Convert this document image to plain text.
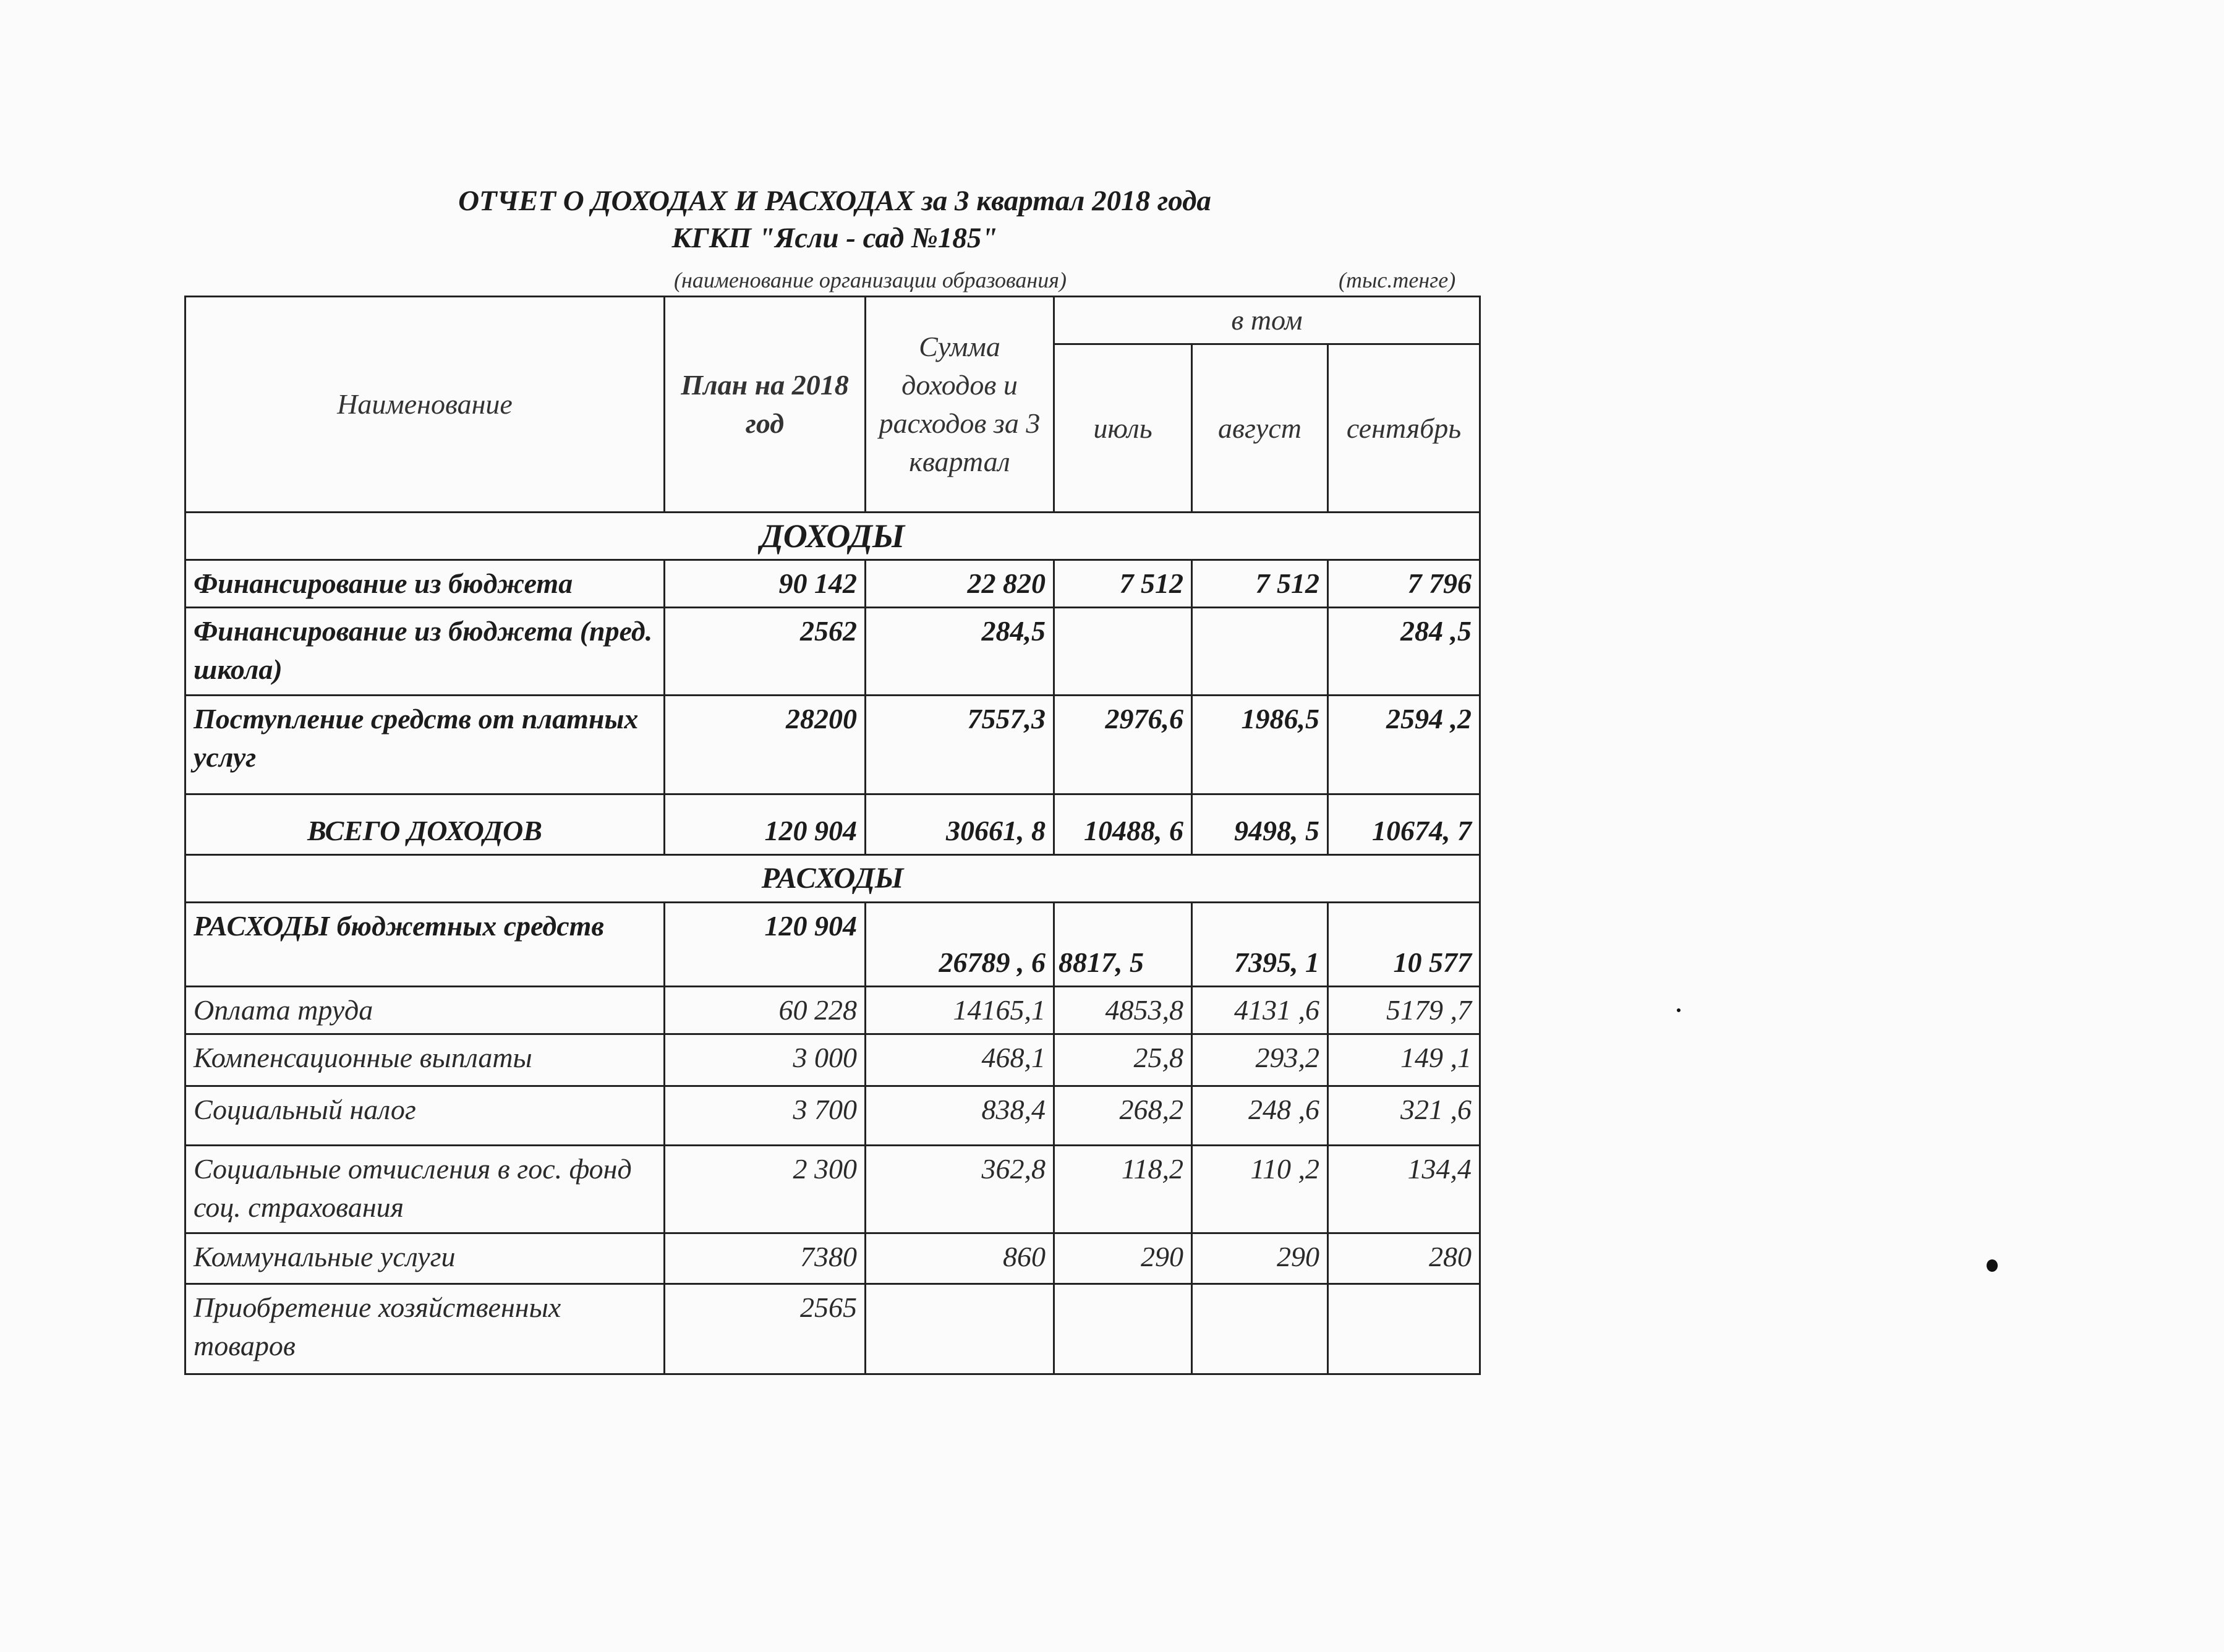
ОТЧЕТ О ДОХОДАХ И РАСХОДАХ за 3 квартал 2018 года
КГКП "Ясли - сад №185"
(наименование организации образования)	(тыс.тенге)
Наименование	План на 2018 год	Сумма доходов и расходов за 3 квартал	в том		
			июль	август	сентябрь
ДОХОДЫ					
Финансирование из бюджета	90 142	22 820	7 512	7 512	7 796
Финансирование из бюджета (пред. школа)	2562	284,5			284 ,5
Поступление средств от платных услуг	28200	7557,3	2976,6	1986,5	2594 ,2
ВСЕГО ДОХОДОВ	120 904	30661, 8	10488, 6	9498, 5	10674, 7
РАСХОДЫ					
РАСХОДЫ бюджетных средств	120 904	26789 , 6	8817, 5	7395, 1	10 577
Оплата труда	60 228	14165,1	4853,8	4131 ,6	5179 ,7
Компенсационные выплаты	3 000	468,1	25,8	293,2	149 ,1
Социальный налог	3 700	838,4	268,2	248 ,6	321 ,6
Социальные отчисления в гос. фонд соц. страхования	2 300	362,8	118,2	110 ,2	134,4
Коммунальные услуги	7380	860	290	290	280
Приобретение хозяйственных товаров	2565				
